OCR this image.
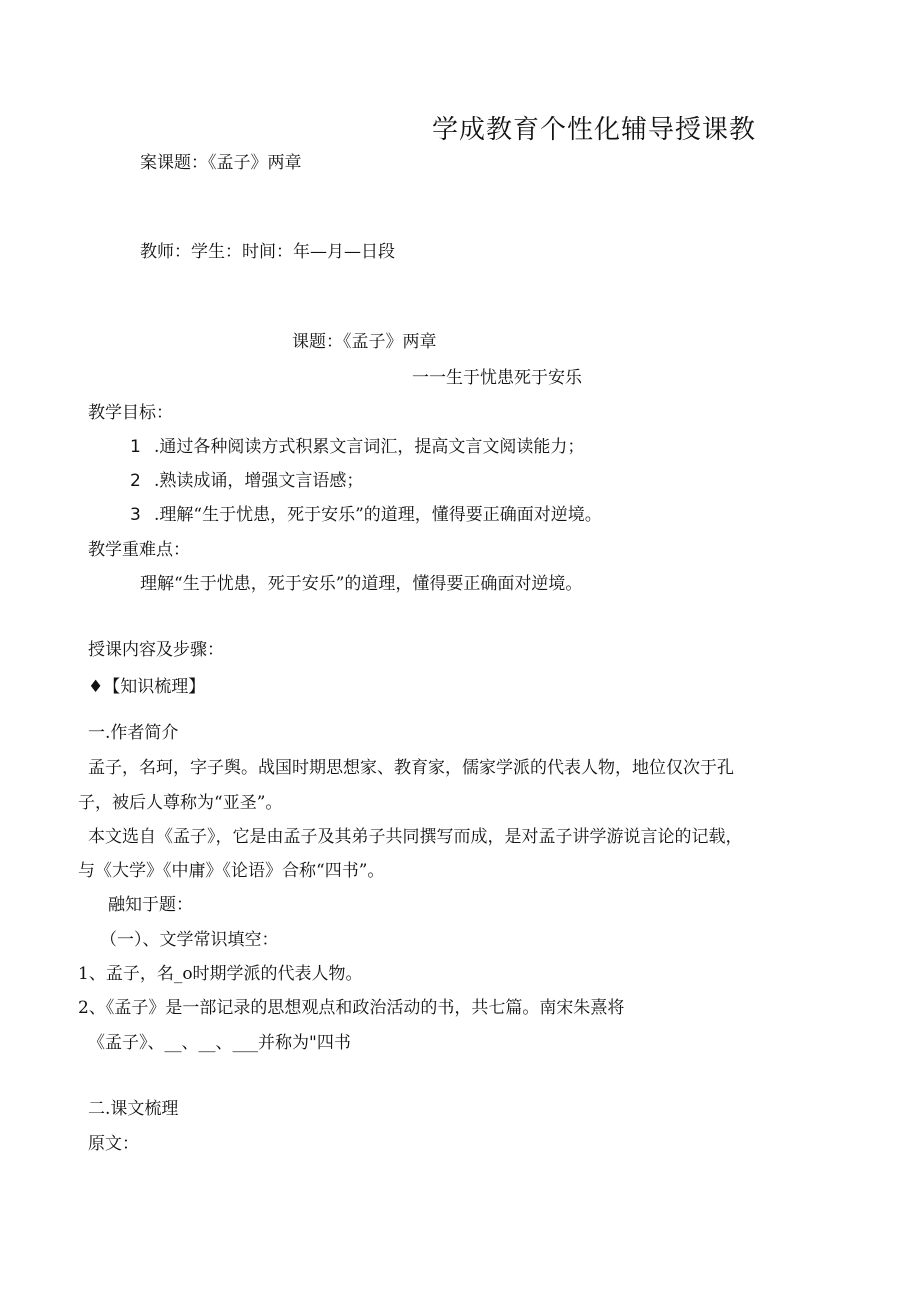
学成教育个性化辅导授课教
案课题：《孟子》两章
教师：学生：时间：年—月—日段
课题：《孟子》两章
一一生于忧患死于安乐
教学目标：
1 .通过各种阅读方式积累文言词汇，提高文言文阅读能力；
2 .熟读成诵，增强文言语感；
3 .理解“生于忧患，死于安乐”的道理，懂得要正确面对逆境。
教学重难点：
理解“生于忧患，死于安乐”的道理，懂得要正确面对逆境。
授课内容及步骤：
♦【知识梳理】
一.作者简介
孟子，名珂，字子舆。战国时期思想家、教育家，儒家学派的代表人物，地位仅次于孔
子，被后人尊称为“亚圣”。
本文选自《孟子》，它是由孟子及其弟子共同撰写而成，是对孟子讲学游说言论的记载，
与《大学》《中庸》《论语》合称“四书”。
融知于题：
（一）、文学常识填空：
1、孟子，名_o时期学派的代表人物。
2、《孟子》是一部记录的思想观点和政治活动的书，共七篇。南宋朱熹将
《孟子》、__、__、___并称为"四书
二.课文梳理
原文：
